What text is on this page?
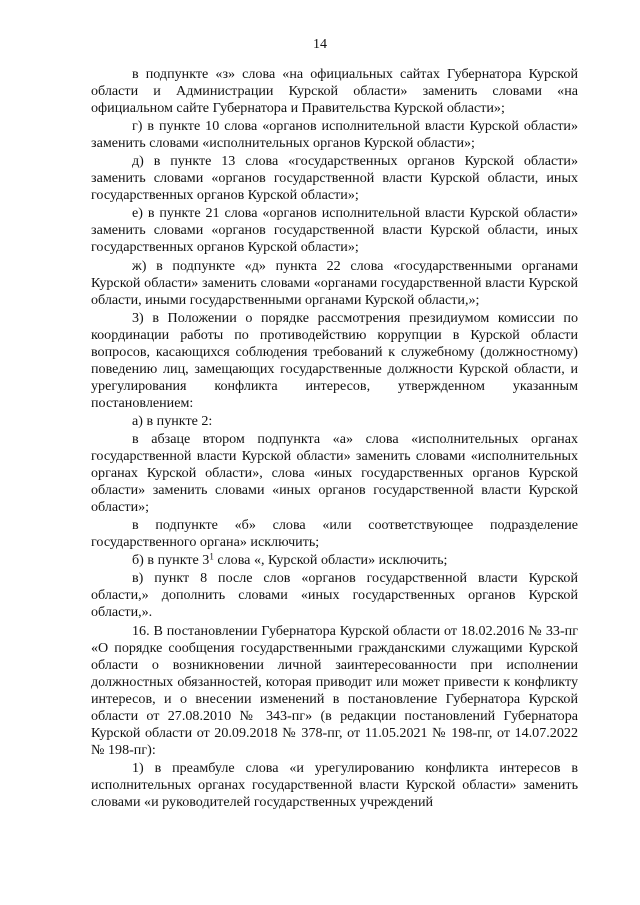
14

в подпункте «з» слова «на официальных сайтах Губернатора Курской области и Администрации Курской области» заменить словами «на официальном сайте Губернатора и Правительства Курской области»;

г) в пункте 10 слова «органов исполнительной власти Курской области» заменить словами «исполнительных органов Курской области»;

д) в пункте 13 слова «государственных органов Курской области» заменить словами «органов государственной власти Курской области, иных государственных органов Курской области»;

е) в пункте 21 слова «органов исполнительной власти Курской области» заменить словами «органов государственной власти Курской области, иных государственных органов Курской области»;

ж) в подпункте «д» пункта 22 слова «государственными органами Курской области» заменить словами «органами государственной власти Курской области, иными государственными органами Курской области,»;

3) в Положении о порядке рассмотрения президиумом комиссии по координации работы по противодействию коррупции в Курской области вопросов, касающихся соблюдения требований к служебному (должностному) поведению лиц, замещающих государственные должности Курской области, и урегулирования конфликта интересов, утвержденном указанным постановлением:

а) в пункте 2:

в абзаце втором подпункта «а» слова «исполнительных органах государственной власти Курской области» заменить словами «исполнительных органах Курской области», слова «иных государственных органов Курской области» заменить словами «иных органов государственной власти Курской области»;

в подпункте «б» слова «или соответствующее подразделение государственного органа» исключить;

б) в пункте $3^1$ слова «, Курской области» исключить;

в) пункт 8 после слов «органов государственной власти Курской области,» дополнить словами «иных государственных органов Курской области,».

16. В постановлении Губернатора Курской области от 18.02.2016 № 33-пг «О порядке сообщения государственными гражданскими служащими Курской области о возникновении личной заинтересованности при исполнении должностных обязанностей, которая приводит или может привести к конфликту интересов, и о внесении изменений в постановление Губернатора Курской области от 27.08.2010 № 343-пг» (в редакции постановлений Губернатора Курской области от 20.09.2018 № 378-пг, от 11.05.2021 № 198-пг, от 14.07.2022 № 198-пг):

1) в преамбуле слова «и урегулированию конфликта интересов в исполнительных органах государственной власти Курской области» заменить словами «и руководителей государственных учреждений
